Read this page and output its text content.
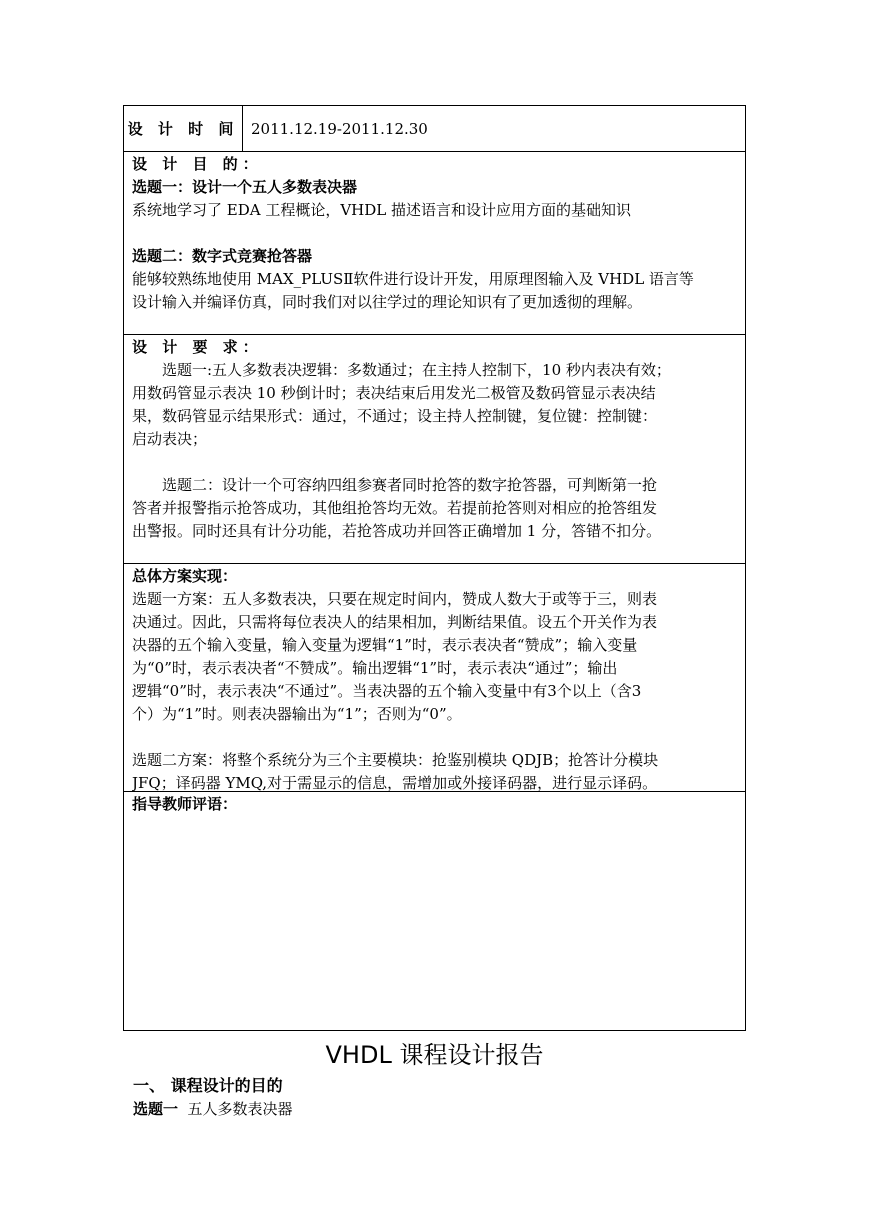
设 计 时 间 2011.12.19-2011.12.30
设 计 目 的：
选题一：设计一个五人多数表决器
系统地学习了 EDA 工程概论，VHDL 描述语言和设计应用方面的基础知识
选题二：数字式竞赛抢答器
能够较熟练地使用 MAX_PLUSⅡ软件进行设计开发，用原理图输入及 VHDL 语言等
设计输入并编译仿真，同时我们对以往学过的理论知识有了更加透彻的理解。
设 计 要 求：
　　选题一:五人多数表决逻辑：多数通过；在主持人控制下，10 秒内表决有效；
用数码管显示表决 10 秒倒计时；表决结束后用发光二极管及数码管显示表决结
果，数码管显示结果形式：通过，不通过；设主持人控制键，复位键：控制键：
启动表决；
　　选题二：设计一个可容纳四组参赛者同时抢答的数字抢答器，可判断第一抢
答者并报警指示抢答成功，其他组抢答均无效。若提前抢答则对相应的抢答组发
出警报。同时还具有计分功能，若抢答成功并回答正确增加 1 分，答错不扣分。
总体方案实现：
选题一方案：五人多数表决，只要在规定时间内，赞成人数大于或等于三，则表
决通过。因此，只需将每位表决人的结果相加，判断结果值。设五个开关作为表
决器的五个输入变量，输入变量为逻辑“1”时，表示表决者“赞成”；输入变量
为“0”时，表示表决者“不赞成”。输出逻辑“1”时，表示表决“通过”；输出
逻辑“0”时，表示表决“不通过”。当表决器的五个输入变量中有3个以上（含3
个）为“1”时。则表决器输出为“1”；否则为“0”。
选题二方案：将整个系统分为三个主要模块：抢鉴别模块 QDJB；抢答计分模块
JFQ；译码器 YMQ,对于需显示的信息，需增加或外接译码器，进行显示译码。
指导教师评语：
VHDL 课程设计报告
一、 课程设计的目的
选题一  五人多数表决器
